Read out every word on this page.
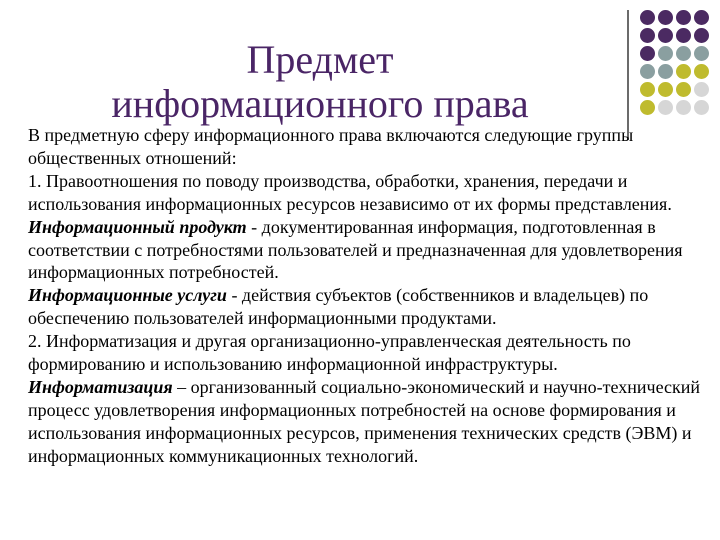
Предмет
информационного права

В предметную сферу информационного права включаются следующие группы общественных отношений:

1. Правоотношения по поводу производства, обработки, хранения, передачи и использования информационных ресурсов независимо от их формы представления.

Информационный продукт - документированная информация, подготовленная в соответствии с потребностями пользователей и предназначенная для удовлетворения информационных потребностей.

Информационные услуги - действия субъектов (собственников и владельцев) по обеспечению пользователей информационными продуктами.

2. Информатизация и другая организационно-управленческая деятельность по формированию и использованию информационной инфраструктуры.

Информатизация – организованный социально-экономический и научно-технический процесс удовлетворения информационных потребностей на основе формирования и использования информационных ресурсов, применения технических средств (ЭВМ) и информационных коммуникационных технологий.
